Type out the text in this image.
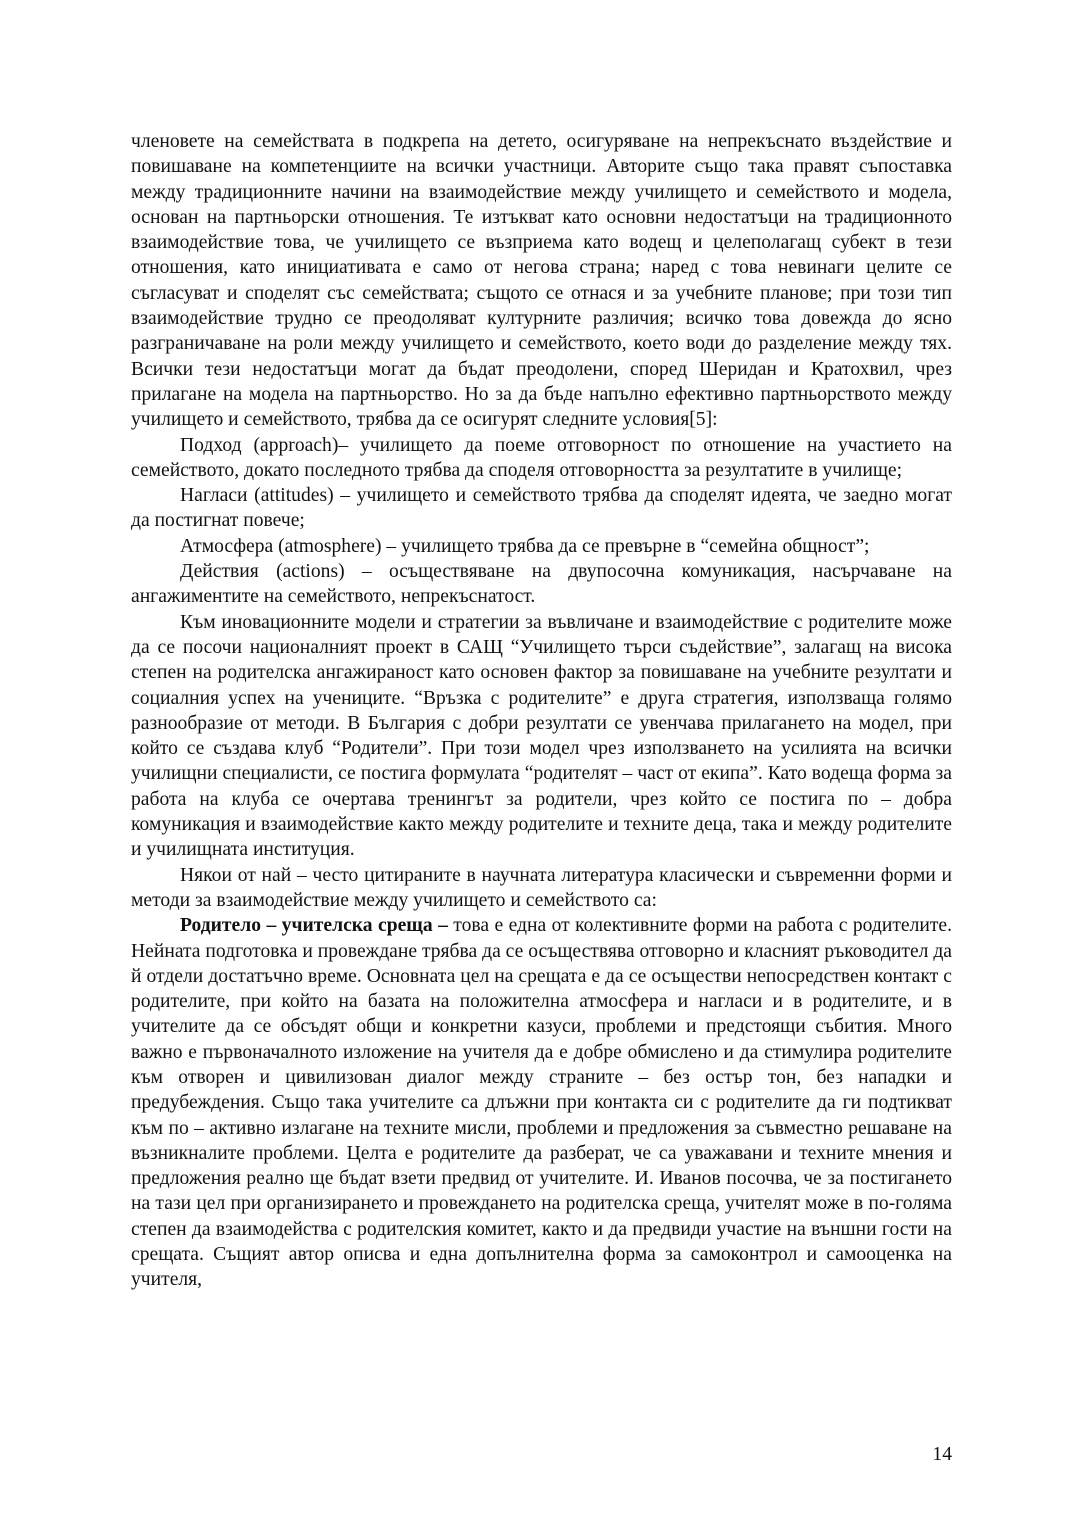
членовете на семействата в подкрепа на детето, осигуряване на непрекъснато въздействие и повишаване на компетенциите на всички участници. Авторите също така правят съпоставка между традиционните начини на взаимодействие между училището и семейството и модела, основан на партньорски отношения. Те изтъкват като основни недостатъци на традиционното взаимодействие това, че училището се възприема като водещ и целеполагащ субект в тези отношения, като инициативата е само от негова страна; наред с това невинаги целите се съгласуват и споделят със семействата; същото се отнася и за учебните планове; при този тип взаимодействие трудно се преодоляват културните различия; всичко това довежда до ясно разграничаване на роли между училището и семейството, което води до разделение между тях. Всички тези недостатъци могат да бъдат преодолени, според Шеридан и Кратохвил, чрез прилагане на модела на партньорство. Но за да бъде напълно ефективно партньорството между училището и семейството, трябва да се осигурят следните условия[5]:

Подход (approach)– училището да поеме отговорност по отношение на участието на семейството, докато последното трябва да споделя отговорността за резултатите в училище;

Нагласи (attitudes) – училището и семейството трябва да споделят идеята, че заедно могат да постигнат повече;

Атмосфера (atmosphere) – училището трябва да се превърне в “семейна общност”;

Действия (actions) – осъществяване на двупосочна комуникация, насърчаване на ангажиментите на семейството, непрекъснатост.

Към иновационните модели и стратегии за въвличане и взаимодействие с родителите може да се посочи националният проект в САЩ “Училището търси съдействие”, залагащ на висока степен на родителска ангажираност като основен фактор за повишаване на учебните резултати и социалния успех на учениците. “Връзка с родителите” е друга стратегия, използваща голямо разнообразие от методи. В България с добри резултати се увенчава прилагането на модел, при който се създава клуб “Родители”. При този модел чрез използването на усилията на всички училищни специалисти, се постига формулата “родителят – част от екипа”. Като водеща форма за работа на клуба се очертава тренингът за родители, чрез който се постига по – добра комуникация и взаимодействие както между родителите и техните деца, така и между родителите и училищната институция.

Някои от най – често цитираните в научната литература класически и съвременни форми и методи за взаимодействие между училището и семейството са:

Родитело – учителска среща – това е една от колективните форми на работа с родителите. Нейната подготовка и провеждане трябва да се осъществява отговорно и класният ръководител да й отдели достатъчно време. Основната цел на срещата е да се осъществи непосредствен контакт с родителите, при който на базата на положителна атмосфера и нагласи и в родителите, и в учителите да се обсъдят общи и конкретни казуси, проблеми и предстоящи събития. Много важно е първоначалното изложение на учителя да е добре обмислено и да стимулира родителите към отворен и цивилизован диалог между страните – без остър тон, без нападки и предубеждения. Също така учителите са длъжни при контакта си с родителите да ги подтикват към по – активно излагане на техните мисли, проблеми и предложения за съвместно решаване на възникналите проблеми. Целта е родителите да разберат, че са уважавани и техните мнения и предложения реално ще бъдат взети предвид от учителите. И. Иванов посочва, че за постигането на тази цел при организирането и провеждането на родителска среща, учителят може в по-голяма степен да взаимодейства с родителския комитет, както и да предвиди участие на външни гости на срещата. Същият автор описва и една допълнителна форма за самоконтрол и самооценка на учителя,

14
